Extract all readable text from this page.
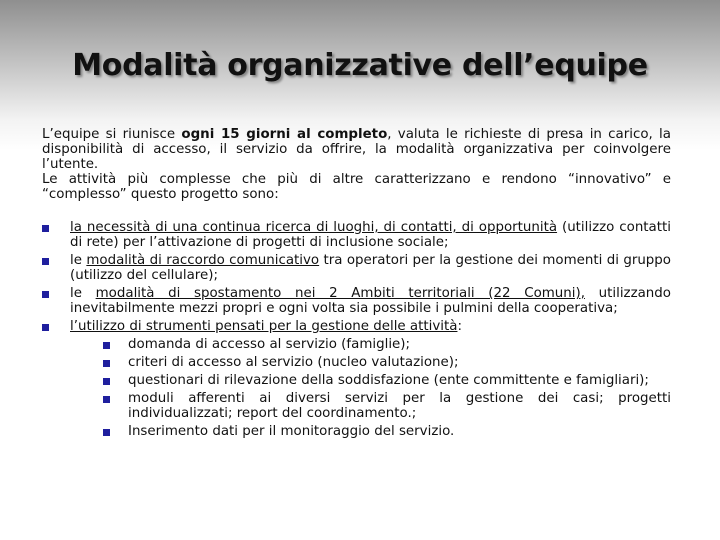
Modalità organizzative dell’equipe

L’equipe si riunisce ogni 15 giorni al completo, valuta le richieste di presa in carico, la disponibilità di accesso, il servizio da offrire, la modalità organizzativa per coinvolgere l’utente.

Le attività più complesse che più di altre caratterizzano e rendono “innovativo” e “complesso” questo progetto sono:

la necessità di una continua ricerca di luoghi, di contatti, di opportunità (utilizzo contatti di rete) per l’attivazione di progetti di inclusione sociale;
le modalità di raccordo comunicativo tra operatori per la gestione dei momenti di gruppo (utilizzo del cellulare);
le modalità di spostamento nei 2 Ambiti territoriali (22 Comuni), utilizzando inevitabilmente mezzi propri e ogni volta sia possibile i pulmini della cooperativa;
l’utilizzo di strumenti pensati per la gestione delle attività:
domanda di accesso al servizio (famiglie);
criteri di accesso al servizio (nucleo valutazione);
questionari di rilevazione della soddisfazione (ente committente e famigliari);
moduli afferenti ai diversi servizi per la gestione dei casi; progetti individualizzati; report del coordinamento.;
Inserimento dati per il monitoraggio del servizio.
